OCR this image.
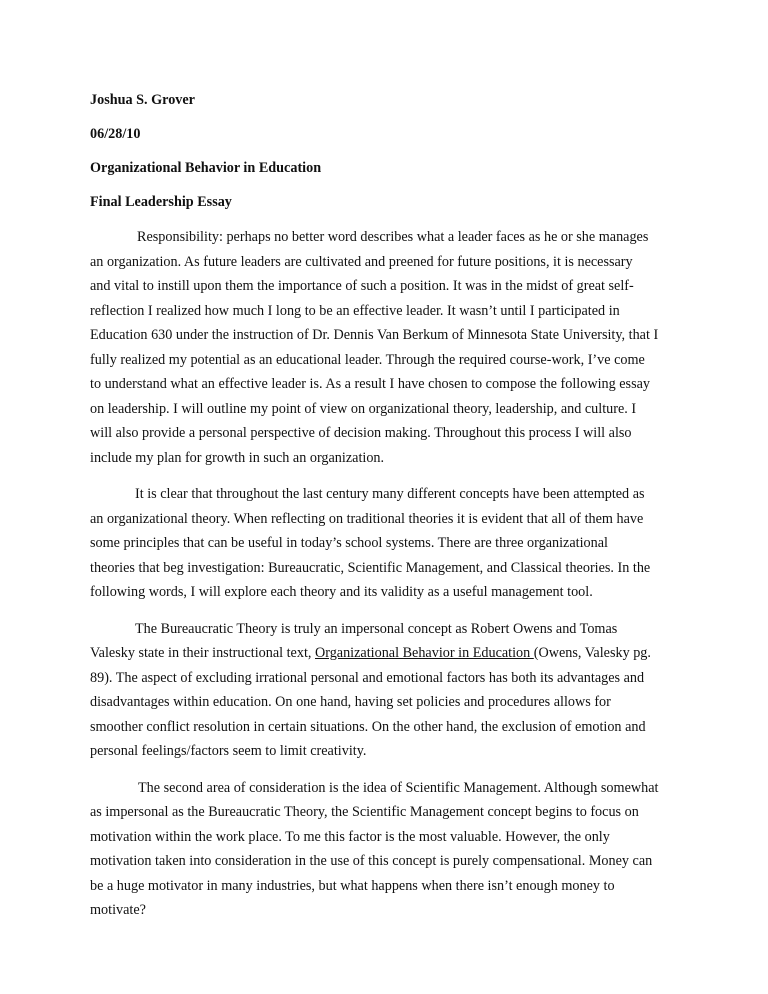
Joshua S. Grover
06/28/10
Organizational Behavior in Education
Final Leadership Essay
Responsibility: perhaps no better word describes what a leader faces as he or she manages
an organization. As future leaders are cultivated and preened for future positions, it is necessary
and vital to instill upon them the importance of such a position. It was in the midst of great self-
reflection I realized how much I long to be an effective leader. It wasn’t until I participated in
Education 630 under the instruction of Dr. Dennis Van Berkum of Minnesota State University, that I
fully realized my potential as an educational leader. Through the required course-work, I’ve come
to understand what an effective leader is. As a result I have chosen to compose the following essay
on leadership. I will outline my point of view on organizational theory, leadership, and culture. I
will also provide a personal perspective of decision making. Throughout this process I will also
include my plan for growth in such an organization.
It is clear that throughout the last century many different concepts have been attempted as
an organizational theory. When reflecting on traditional theories it is evident that all of them have
some principles that can be useful in today’s school systems. There are three organizational
theories that beg investigation: Bureaucratic, Scientific Management, and Classical theories. In the
following words, I will explore each theory and its validity as a useful management tool.
The Bureaucratic Theory is truly an impersonal concept as Robert Owens and Tomas
Valesky state in their instructional text, Organizational Behavior in Education (Owens, Valesky pg.
89). The aspect of excluding irrational personal and emotional factors has both its advantages and
disadvantages within education. On one hand, having set policies and procedures allows for
smoother conflict resolution in certain situations. On the other hand, the exclusion of emotion and
personal feelings/factors seem to limit creativity.
The second area of consideration is the idea of Scientific Management. Although somewhat
as impersonal as the Bureaucratic Theory, the Scientific Management concept begins to focus on
motivation within the work place. To me this factor is the most valuable. However, the only
motivation taken into consideration in the use of this concept is purely compensational. Money can
be a huge motivator in many industries, but what happens when there isn’t enough money to
motivate?
